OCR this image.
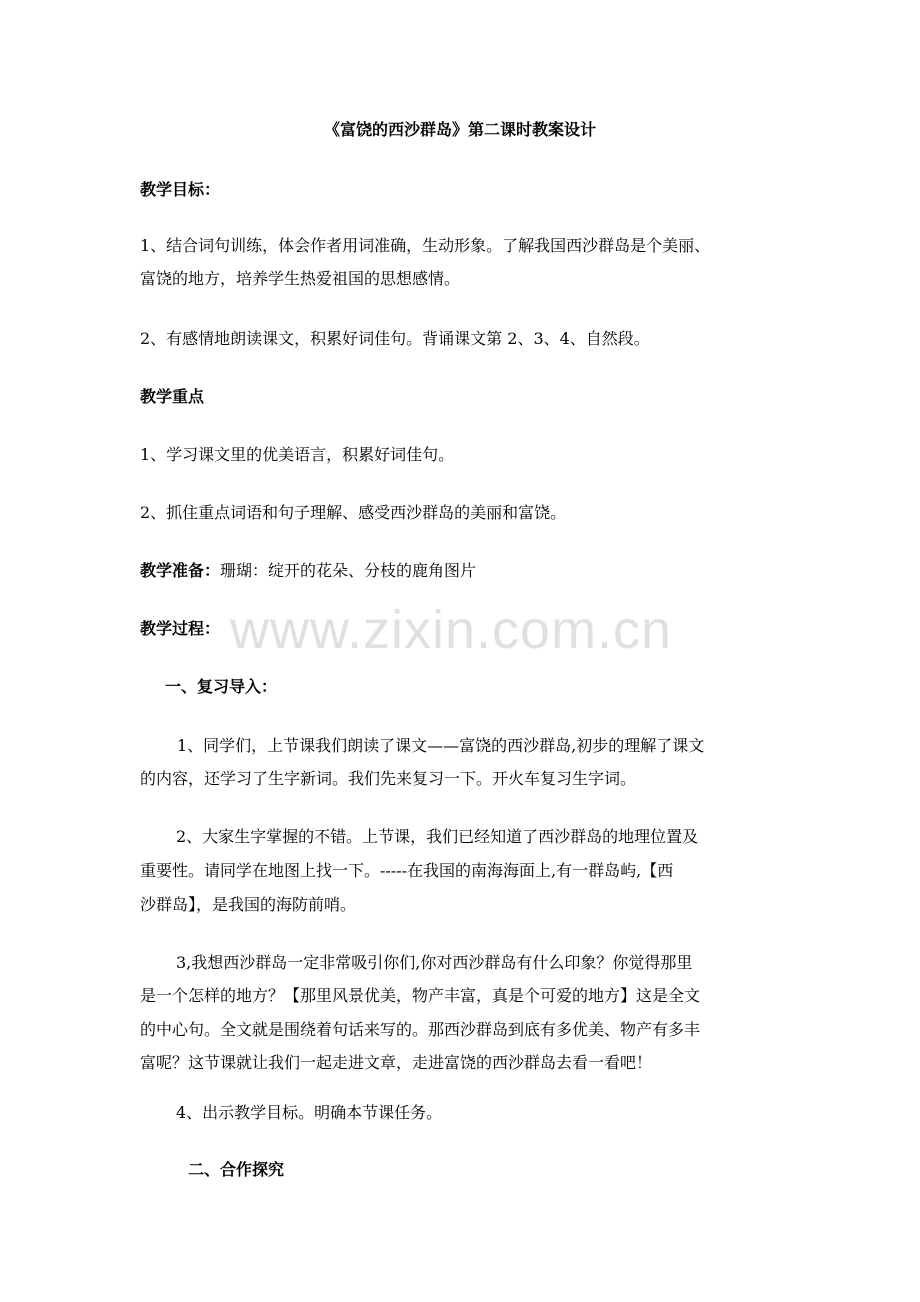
《富饶的西沙群岛》第二课时教案设计

教学目标：

1、结合词句训练，体会作者用词准确，生动形象。了解我国西沙群岛是个美丽、

富饶的地方，培养学生热爱祖国的思想感情。

2、有感情地朗读课文，积累好词佳句。背诵课文第 2、3、4、自然段。

教学重点

1、学习课文里的优美语言，积累好词佳句。

2、抓住重点词语和句子理解、感受西沙群岛的美丽和富饶。

教学准备：珊瑚：绽开的花朵、分枝的鹿角图片

教学过程：

一、复习导入：

1、同学们，上节课我们朗读了课文——富饶的西沙群岛,初步的理解了课文

的内容，还学习了生字新词。我们先来复习一下。开火车复习生字词。

2、大家生字掌握的不错。上节课，我们已经知道了西沙群岛的地理位置及

重要性。请同学在地图上找一下。-----在我国的南海海面上,有一群岛屿,【西

沙群岛】，是我国的海防前哨。

3,我想西沙群岛一定非常吸引你们,你对西沙群岛有什么印象？你觉得那里

是一个怎样的地方？【那里风景优美，物产丰富，真是个可爱的地方】这是全文

的中心句。全文就是围绕着句话来写的。那西沙群岛到底有多优美、物产有多丰

富呢？这节课就让我们一起走进文章，走进富饶的西沙群岛去看一看吧！

4、出示教学目标。明确本节课任务。

二、合作探究

www.zixin.com.cn
